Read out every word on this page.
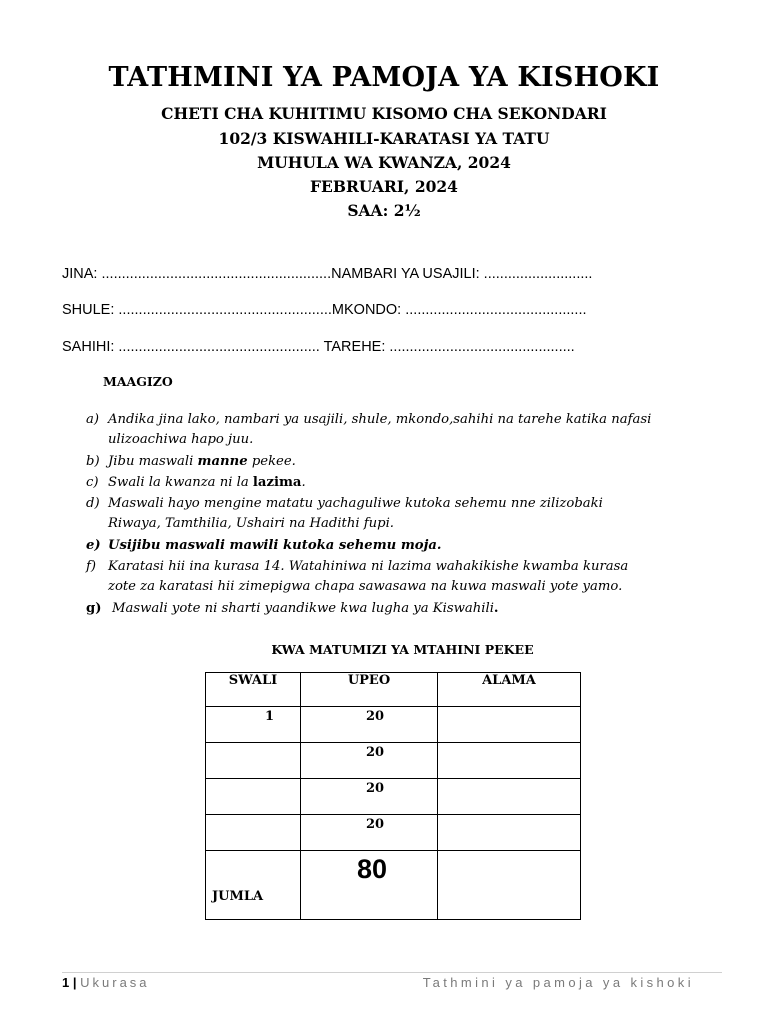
TATHMINI YA PAMOJA YA KISHOKI
CHETI CHA KUHITIMU KISOMO CHA SEKONDARI
102/3 KISWAHILI-KARATASI YA TATU
MUHULA WA KWANZA, 2024
FEBRUARI, 2024
SAA: 2½
JINA: .........................................................NAMBARI YA USAJILI: ...........................
SHULE: .....................................................MKONDO: .............................................
SAHIHI: .................................................. TAREHE: ..............................................
MAAGIZO
a) Andika jina lako, nambari ya usajili, shule, mkondo,sahihi na tarehe katika nafasi
ulizoachiwa hapo juu.
b) Jibu maswali manne pekee.
c) Swali la kwanza ni la lazima.
d) Maswali hayo mengine matatu yachaguliwe kutoka sehemu nne zilizobaki
Riwaya, Tamthilia, Ushairi na Hadithi fupi.
e) Usijibu maswali mawili kutoka sehemu moja.
f) Karatasi hii ina kurasa 14. Watahiniwa ni lazima wahakikishe kwamba kurasa
zote za karatasi hii zimepigwa chapa sawasawa na kuwa maswali yote yamo.
g) Maswali yote ni sharti yaandikwe kwa lugha ya Kiswahili.
KWA MATUMIZI YA MTAHINI PEKEE
SWALI	UPEO	ALAMA
1	20	
	20	
	20	
	20	
JUMLA	80	
1 | Ukurasa	Tathmini ya pamoja ya kishoki
